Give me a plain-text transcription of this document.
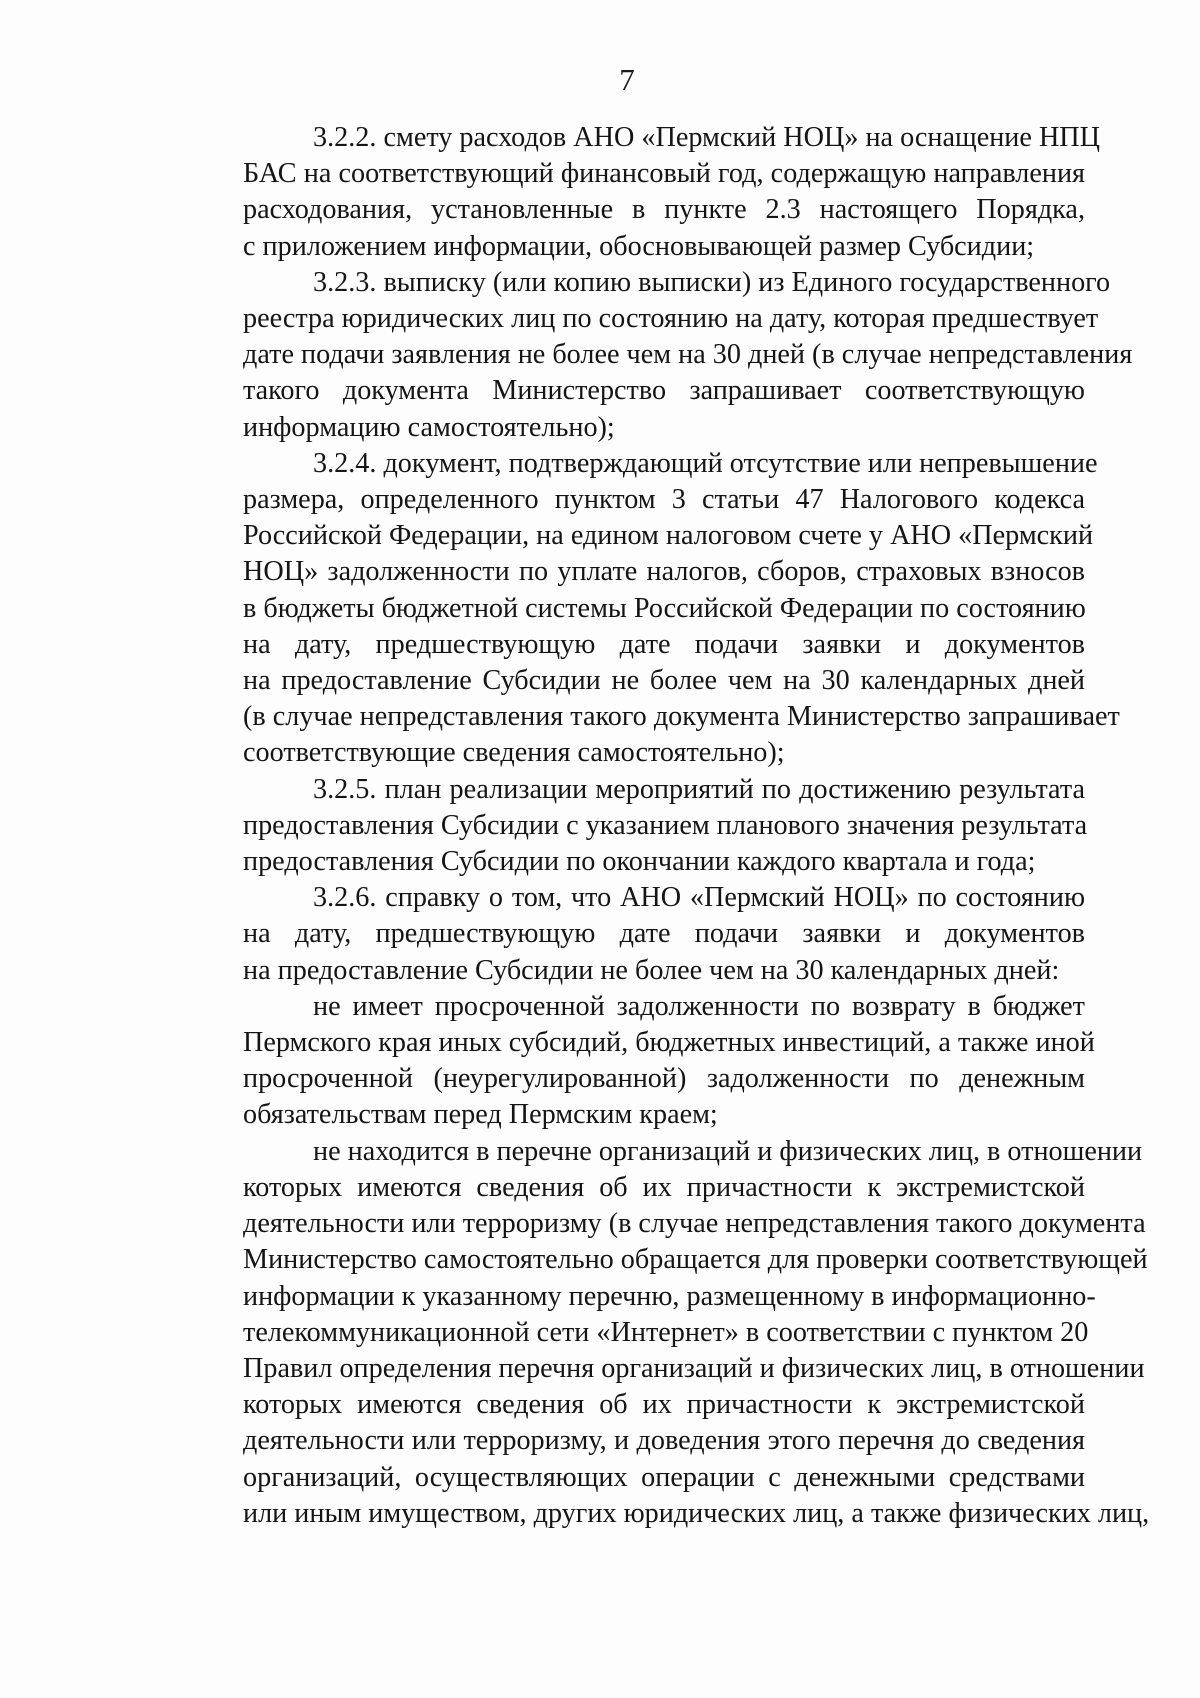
7

3.2.2. смету расходов АНО «Пермский НОЦ» на оснащение НПЦ
БАС на соответствующий финансовый год, содержащую направления
расходования, установленные в пункте 2.3 настоящего Порядка,
с приложением информации, обосновывающей размер Субсидии;

3.2.3. выписку (или копию выписки) из Единого государственного
реестра юридических лиц по состоянию на дату, которая предшествует
дате подачи заявления не более чем на 30 дней (в случае непредставления
такого документа Министерство запрашивает соответствующую
информацию самостоятельно);

3.2.4. документ, подтверждающий отсутствие или непревышение
размера, определенного пунктом 3 статьи 47 Налогового кодекса
Российской Федерации, на едином налоговом счете у АНО «Пермский
НОЦ» задолженности по уплате налогов, сборов, страховых взносов
в бюджеты бюджетной системы Российской Федерации по состоянию
на дату, предшествующую дате подачи заявки и документов
на предоставление Субсидии не более чем на 30 календарных дней
(в случае непредставления такого документа Министерство запрашивает
соответствующие сведения самостоятельно);

3.2.5. план реализации мероприятий по достижению результата
предоставления Субсидии с указанием планового значения результата
предоставления Субсидии по окончании каждого квартала и года;

3.2.6. справку о том, что АНО «Пермский НОЦ» по состоянию
на дату, предшествующую дате подачи заявки и документов
на предоставление Субсидии не более чем на 30 календарных дней:

не имеет просроченной задолженности по возврату в бюджет
Пермского края иных субсидий, бюджетных инвестиций, а также иной
просроченной (неурегулированной) задолженности по денежным
обязательствам перед Пермским краем;

не находится в перечне организаций и физических лиц, в отношении
которых имеются сведения об их причастности к экстремистской
деятельности или терроризму (в случае непредставления такого документа
Министерство самостоятельно обращается для проверки соответствующей
информации к указанному перечню, размещенному в информационно-
телекоммуникационной сети «Интернет» в соответствии с пунктом 20
Правил определения перечня организаций и физических лиц, в отношении
которых имеются сведения об их причастности к экстремистской
деятельности или терроризму, и доведения этого перечня до сведения
организаций, осуществляющих операции с денежными средствами
или иным имуществом, других юридических лиц, а также физических лиц,
